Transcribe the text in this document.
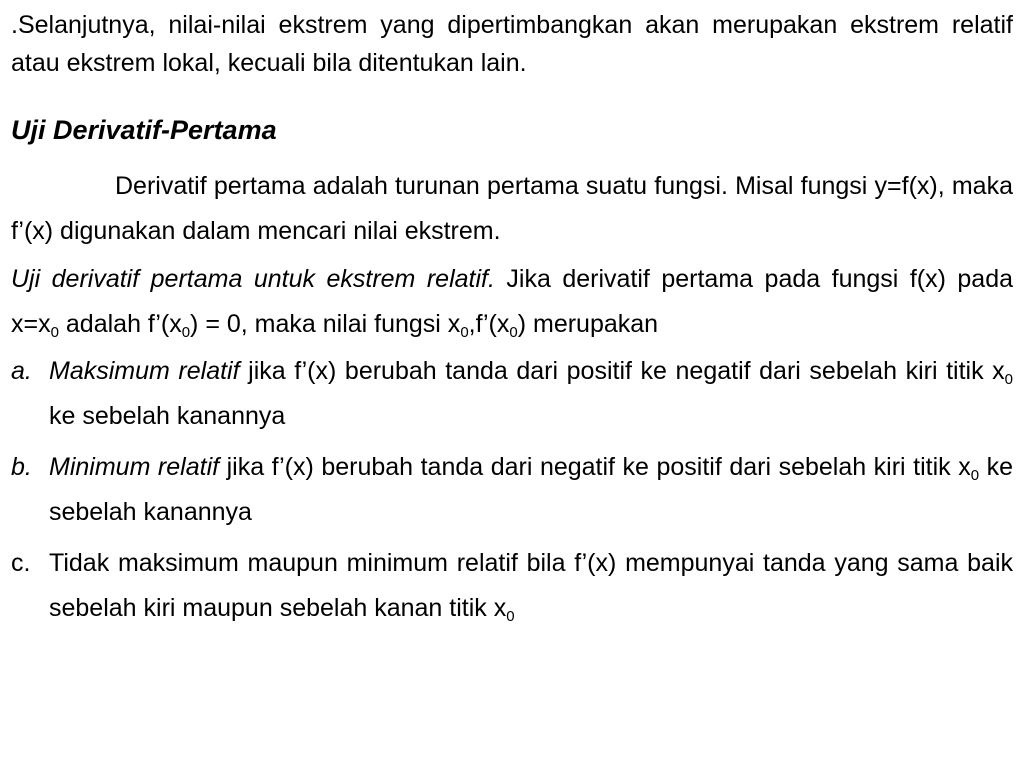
.Selanjutnya, nilai-nilai ekstrem yang dipertimbangkan akan merupakan ekstrem relatif atau ekstrem lokal, kecuali bila ditentukan lain.

Uji Derivatif-Pertama

Derivatif pertama adalah turunan pertama suatu fungsi. Misal fungsi y=f(x), maka f’(x) digunakan dalam mencari nilai ekstrem.

Uji derivatif pertama untuk ekstrem relatif. Jika derivatif pertama pada fungsi f(x) pada $x=x_0$ adalah $f’(x_0) = 0$, maka nilai fungsi $x_0,f’(x_0)$ merupakan

a. Maksimum relatif jika f’(x) berubah tanda dari positif ke negatif dari sebelah kiri titik $x_0$ ke sebelah kanannya
b. Minimum relatif jika f’(x) berubah tanda dari negatif ke positif dari sebelah kiri titik $x_0$ ke sebelah kanannya
c. Tidak maksimum maupun minimum relatif bila f’(x) mempunyai tanda yang sama baik sebelah kiri maupun sebelah kanan titik $x_0$
